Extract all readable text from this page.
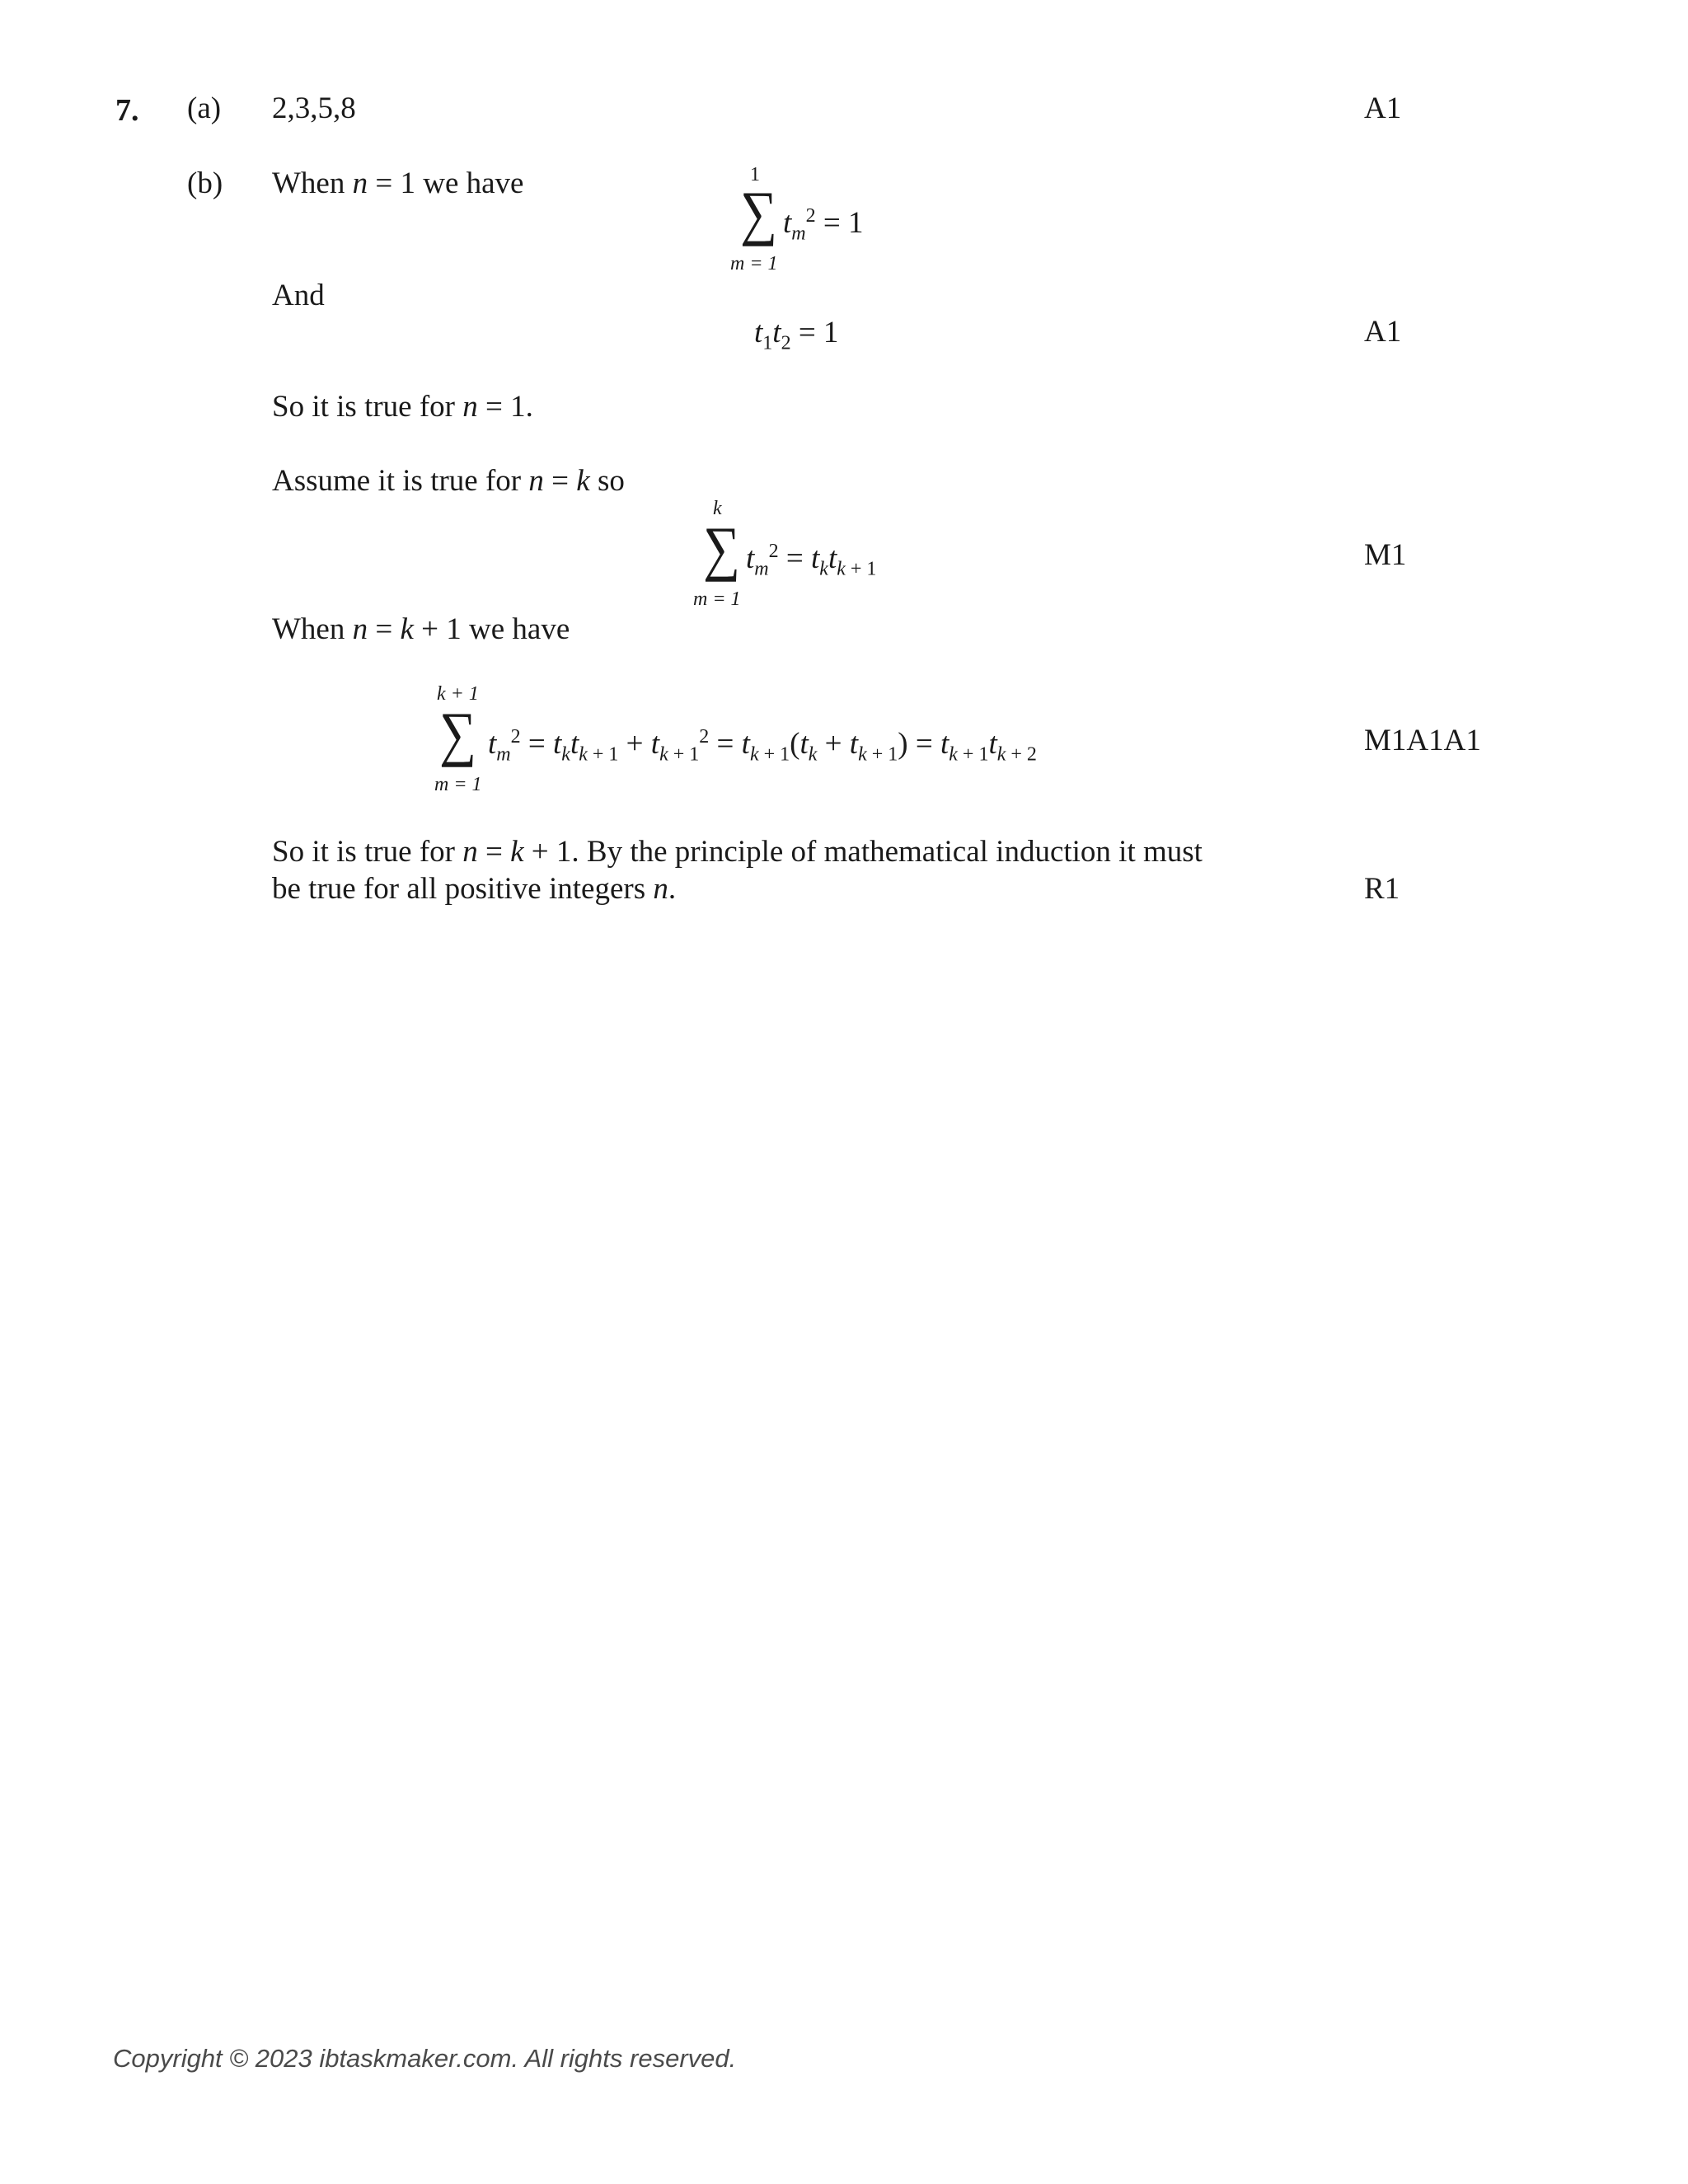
7. (a) 2,3,5,8	A1
(b) When n = 1 we have	1
∑
m = 1
$t_m^2 = 1$
And
$t_1t_2 = 1$	A1
So it is true for n = 1.
Assume it is true for n = k so
k
∑
m = 1
$t_m^2 = t_kt_{k + 1}$	M1
When n = k + 1 we have
k + 1
∑
m = 1
$t_m^2 = t_kt_{k + 1} + t_{k + 1}^2 = t_{k + 1}(t_k + t_{k + 1}) = t_{k + 1}t_{k + 2}$	M1A1A1
So it is true for n = k + 1. By the principle of mathematical induction it must
be true for all positive integers n.	R1
Copyright © 2023 ibtaskmaker.com. All rights reserved.
